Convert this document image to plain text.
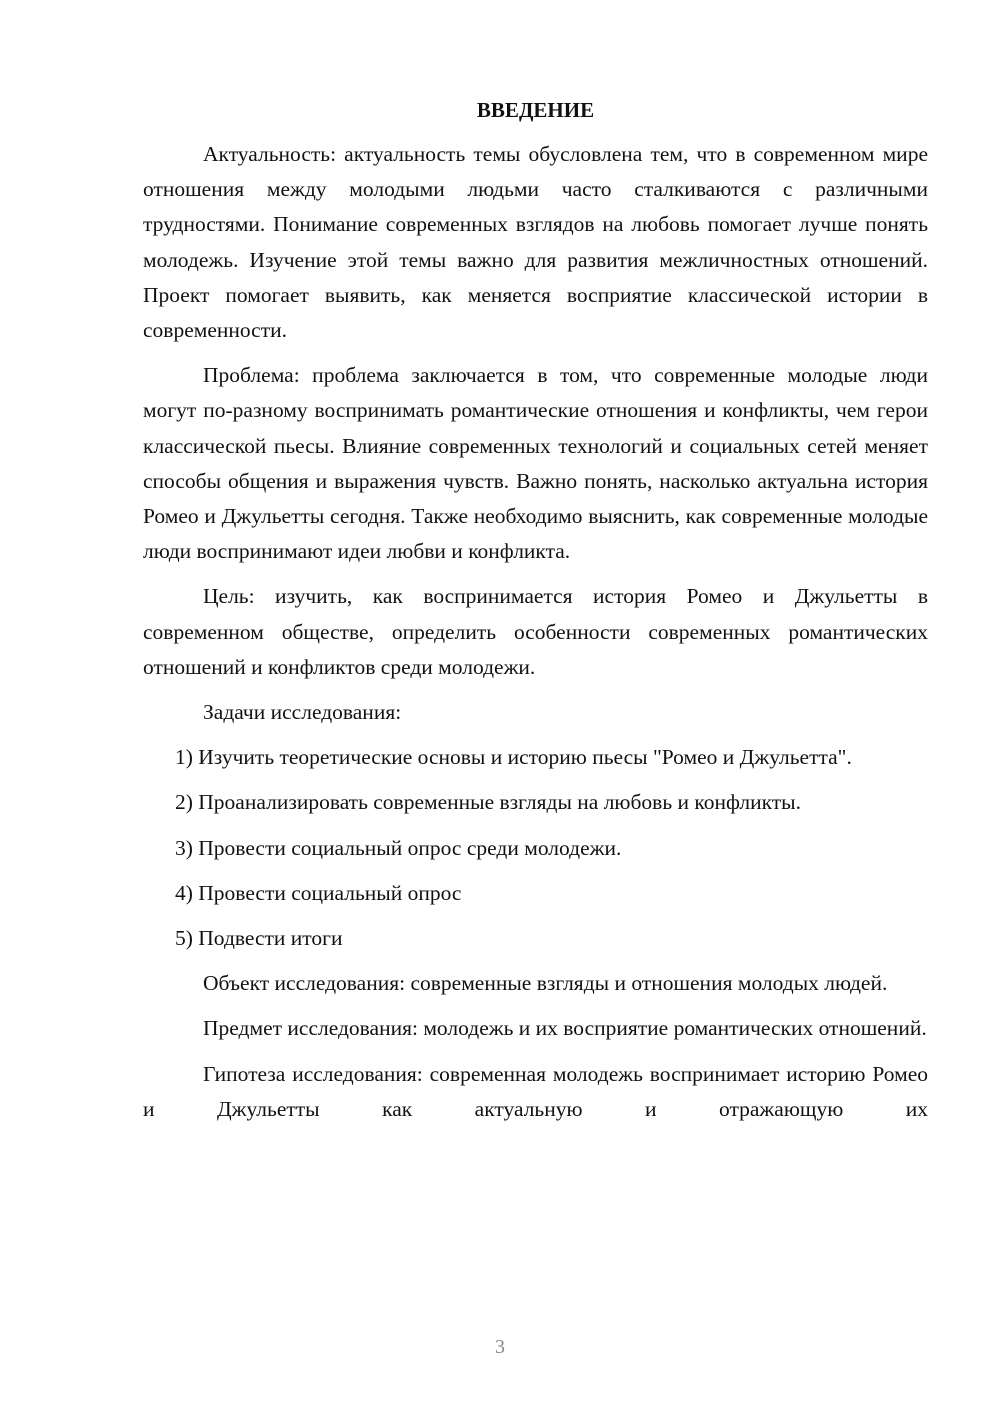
ВВЕДЕНИЕ

Актуальность: актуальность темы обусловлена тем, что в современном мире отношения между молодыми людьми часто сталкиваются с различными трудностями. Понимание современных взглядов на любовь помогает лучше понять молодежь. Изучение этой темы важно для развития межличностных отношений. Проект помогает выявить, как меняется восприятие классической истории в современности.

Проблема: проблема заключается в том, что современные молодые люди могут по-разному воспринимать романтические отношения и конфликты, чем герои классической пьесы. Влияние современных технологий и социальных сетей меняет способы общения и выражения чувств. Важно понять, насколько актуальна история Ромео и Джульетты сегодня. Также необходимо выяснить, как современные молодые люди воспринимают идеи любви и конфликта.

Цель: изучить, как воспринимается история Ромео и Джульетты в современном обществе, определить особенности современных романтических отношений и конфликтов среди молодежи.

Задачи исследования:

1) Изучить теоретические основы и историю пьесы "Ромео и Джульетта".

2) Проанализировать современные взгляды на любовь и конфликты.

3) Провести социальный опрос среди молодежи.

4) Провести социальный опрос

5) Подвести итоги

Объект исследования: современные взгляды и отношения молодых людей.

Предмет исследования: молодежь и их восприятие романтических отношений.

Гипотеза исследования: современная молодежь воспринимает историю Ромео и Джульетты как актуальную и отражающую их

3
